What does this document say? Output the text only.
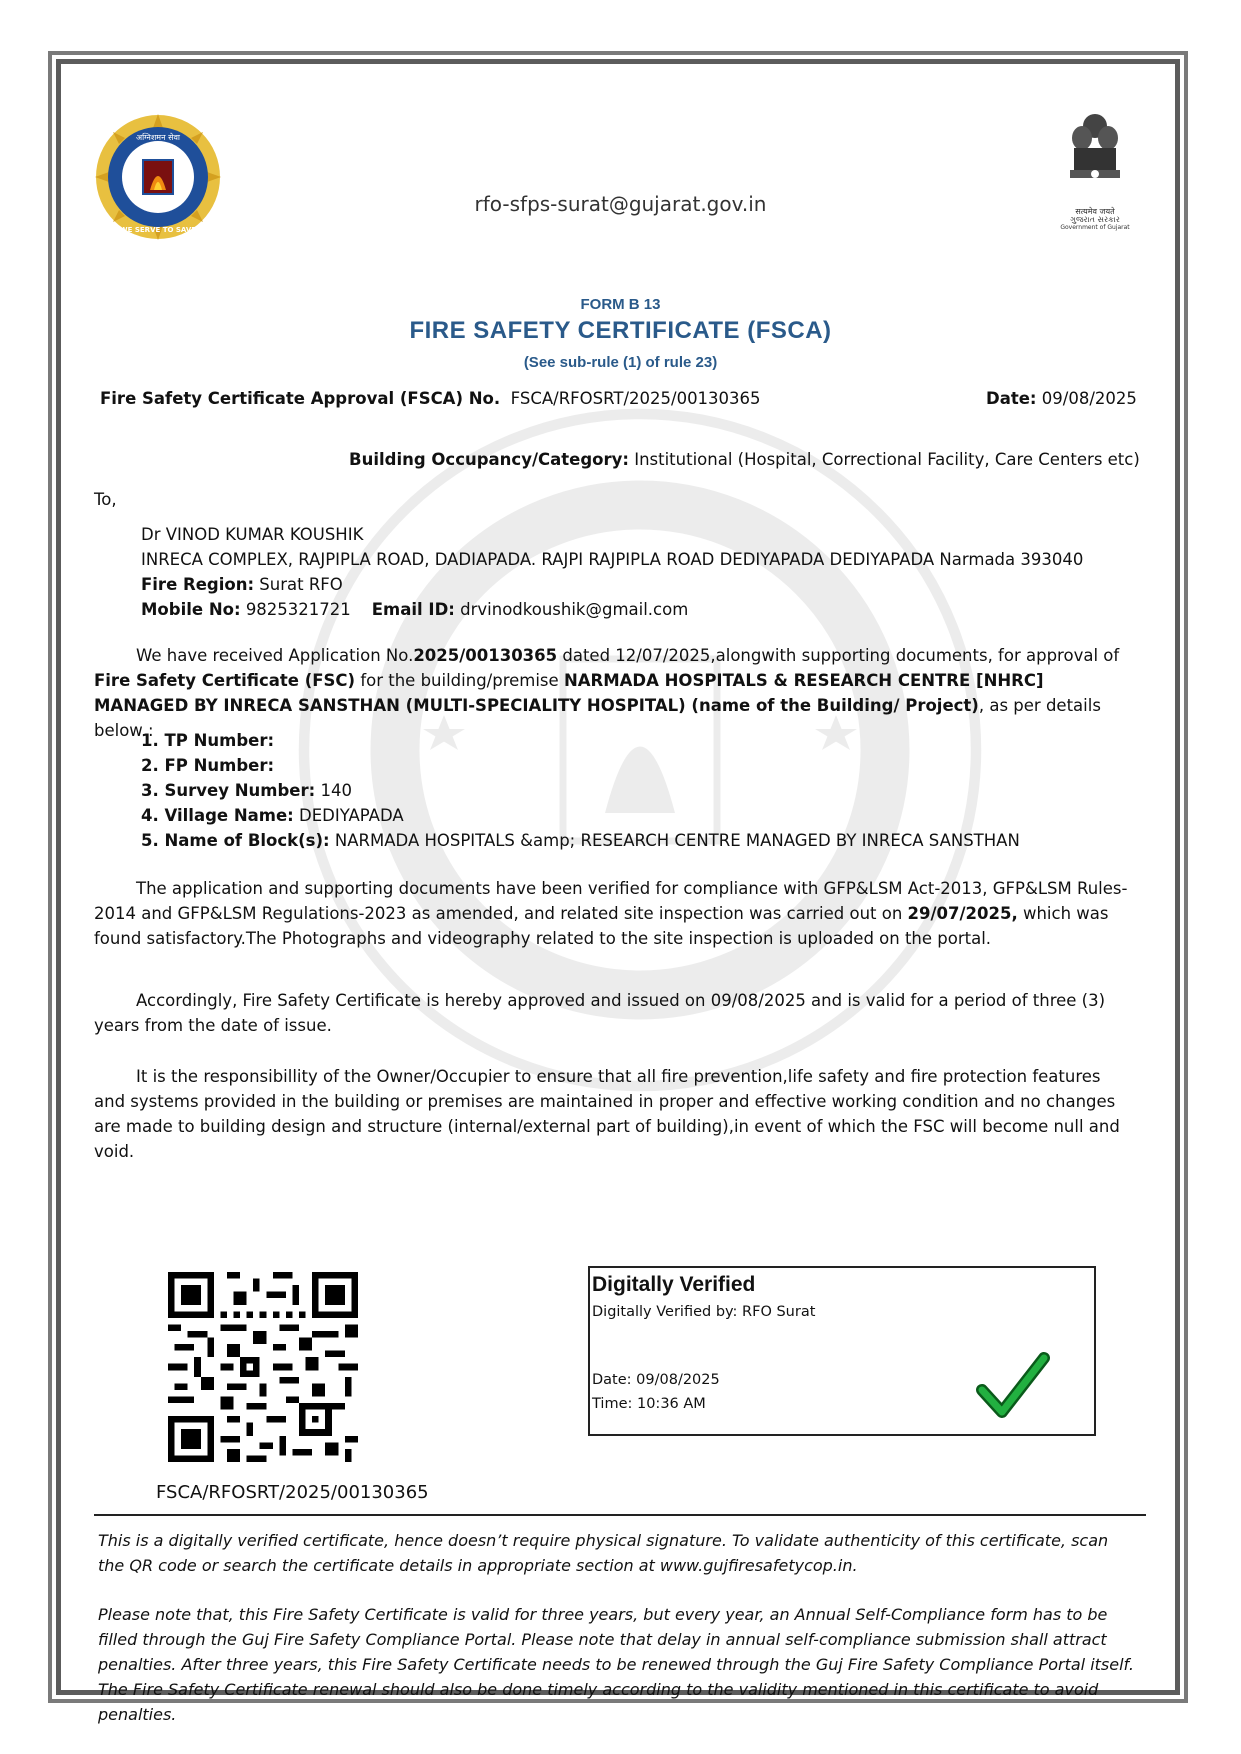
अग्निशमन सेवा
WE SERVE TO SAVE
सत्यमेव जयते
ગુજરાત સરકાર
Government of Gujarat
rfo-sfps-surat@gujarat.gov.in
FORM B 13
FIRE SAFETY CERTIFICATE (FSCA)
(See sub-rule (1) of rule 23)
Fire Safety Certificate Approval (FSCA) No. FSCA/RFOSRT/2025/00130365	Date: 09/08/2025
Building Occupancy/Category: Institutional (Hospital, Correctional Facility, Care Centers etc)
To,
Dr VINOD KUMAR KOUSHIK
INRECA COMPLEX, RAJPIPLA ROAD, DADIAPADA. RAJPI RAJPIPLA ROAD DEDIYAPADA DEDIYAPADA Narmada 393040
Fire Region: Surat RFO
Mobile No: 9825321721 Email ID: drvinodkoushik@gmail.com
We have received Application No.2025/00130365 dated 12/07/2025,alongwith supporting documents, for approval of Fire Safety Certificate (FSC) for the building/premise NARMADA HOSPITALS & RESEARCH CENTRE [NHRC] MANAGED BY INRECA SANSTHAN (MULTI-SPECIALITY HOSPITAL) (name of the Building/ Project), as per details below :
1. TP Number:
2. FP Number:
3. Survey Number: 140
4. Village Name: DEDIYAPADA
5. Name of Block(s): NARMADA HOSPITALS &amp; RESEARCH CENTRE MANAGED BY INRECA SANSTHAN
The application and supporting documents have been verified for compliance with GFP&LSM Act-2013, GFP&LSM Rules-2014 and GFP&LSM Regulations-2023 as amended, and related site inspection was carried out on 29/07/2025, which was found satisfactory.The Photographs and videography related to the site inspection is uploaded on the portal.
Accordingly, Fire Safety Certificate is hereby approved and issued on 09/08/2025 and is valid for a period of three (3) years from the date of issue.
It is the responsibillity of the Owner/Occupier to ensure that all fire prevention,life safety and fire protection features and systems provided in the building or premises are maintained in proper and effective working condition and no changes are made to building design and structure (internal/external part of building),in event of which the FSC will become null and void.
FSCA/RFOSRT/2025/00130365
Digitally Verified
Digitally Verified by: RFO Surat
Date: 09/08/2025
Time: 10:36 AM
This is a digitally verified certificate, hence doesn’t require physical signature. To validate authenticity of this certificate, scan the QR code or search the certificate details in appropriate section at www.gujfiresafetycop.in.
Please note that, this Fire Safety Certificate is valid for three years, but every year, an Annual Self-Compliance form has to be filled through the Guj Fire Safety Compliance Portal. Please note that delay in annual self-compliance submission shall attract penalties. After three years, this Fire Safety Certificate needs to be renewed through the Guj Fire Safety Compliance Portal itself. The Fire Safety Certificate renewal should also be done timely according to the validity mentioned in this certificate to avoid penalties.
